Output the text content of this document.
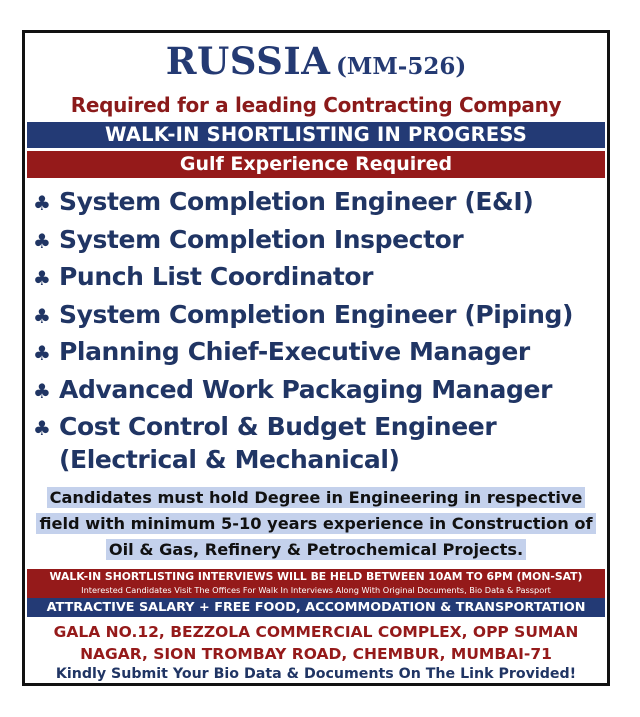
RUSSIA (MM-526)
Required for a leading Contracting Company
WALK-IN SHORTLISTING IN PROGRESS
Gulf Experience Required
♣ System Completion Engineer (E&I)
♣ System Completion Inspector
♣ Punch List Coordinator
♣ System Completion Engineer (Piping)
♣ Planning Chief-Executive Manager
♣ Advanced Work Packaging Manager
♣ Cost Control & Budget Engineer
(Electrical & Mechanical)
Candidates must hold Degree in Engineering in respective
field with minimum 5-10 years experience in Construction of
Oil & Gas, Refinery & Petrochemical Projects.
WALK-IN SHORTLISTING INTERVIEWS WILL BE HELD BETWEEN 10AM TO 6PM (MON-SAT)
Interested Candidates Visit The Offices For Walk In Interviews Along With Original Documents, Bio Data & Passport
ATTRACTIVE SALARY + FREE FOOD, ACCOMMODATION & TRANSPORTATION
GALA NO.12, BEZZOLA COMMERCIAL COMPLEX, OPP SUMAN
NAGAR, SION TROMBAY ROAD, CHEMBUR, MUMBAI-71
Kindly Submit Your Bio Data & Documents On The Link Provided!
